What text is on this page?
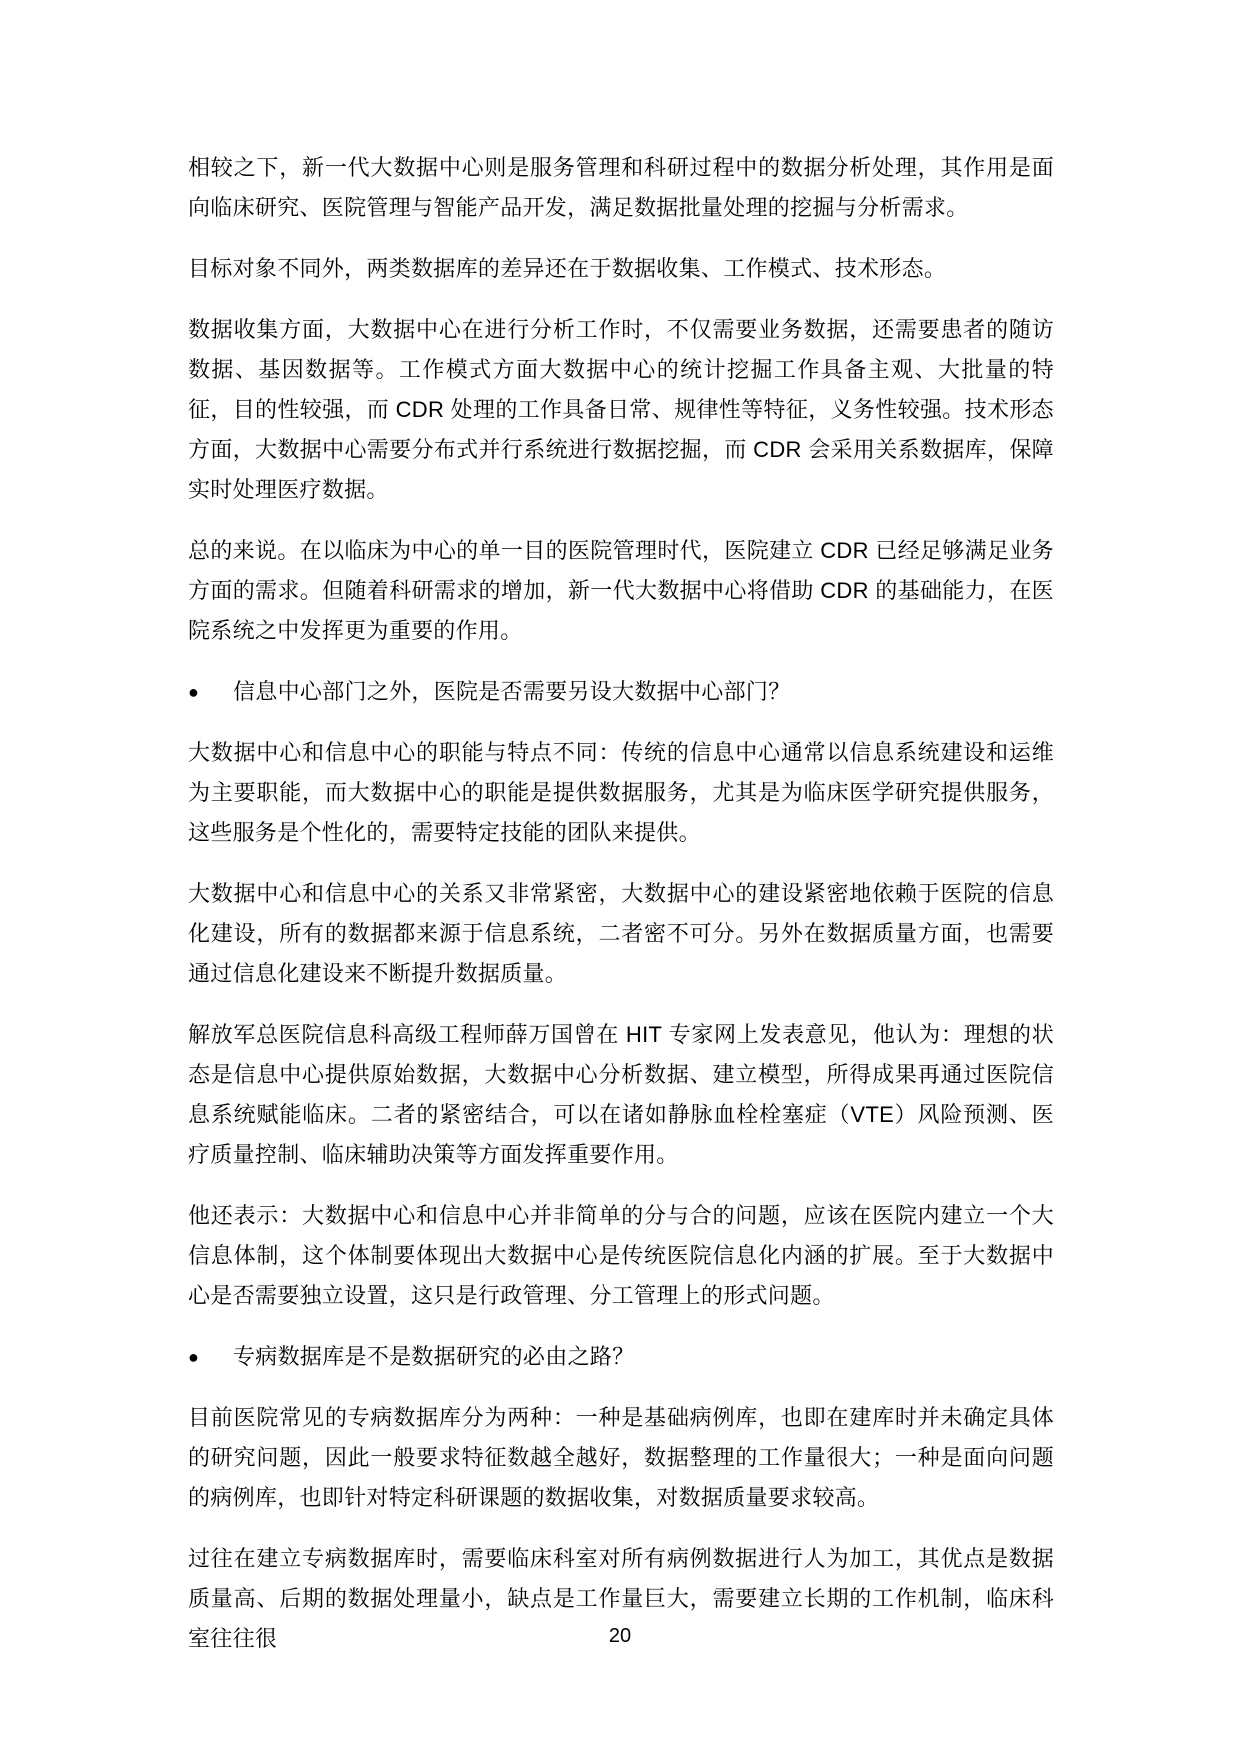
相较之下，新一代大数据中心则是服务管理和科研过程中的数据分析处理，其作用是面向临床研究、医院管理与智能产品开发，满足数据批量处理的挖掘与分析需求。

目标对象不同外，两类数据库的差异还在于数据收集、工作模式、技术形态。

数据收集方面，大数据中心在进行分析工作时，不仅需要业务数据，还需要患者的随访数据、基因数据等。工作模式方面大数据中心的统计挖掘工作具备主观、大批量的特征，目的性较强，而 CDR 处理的工作具备日常、规律性等特征，义务性较强。技术形态方面，大数据中心需要分布式并行系统进行数据挖掘，而 CDR 会采用关系数据库，保障实时处理医疗数据。

总的来说。在以临床为中心的单一目的医院管理时代，医院建立 CDR 已经足够满足业务方面的需求。但随着科研需求的增加，新一代大数据中心将借助 CDR 的基础能力，在医院系统之中发挥更为重要的作用。

●	信息中心部门之外，医院是否需要另设大数据中心部门？

大数据中心和信息中心的职能与特点不同：传统的信息中心通常以信息系统建设和运维为主要职能，而大数据中心的职能是提供数据服务，尤其是为临床医学研究提供服务，这些服务是个性化的，需要特定技能的团队来提供。

大数据中心和信息中心的关系又非常紧密，大数据中心的建设紧密地依赖于医院的信息化建设，所有的数据都来源于信息系统，二者密不可分。另外在数据质量方面，也需要通过信息化建设来不断提升数据质量。

解放军总医院信息科高级工程师薛万国曾在 HIT 专家网上发表意见，他认为：理想的状态是信息中心提供原始数据，大数据中心分析数据、建立模型，所得成果再通过医院信息系统赋能临床。二者的紧密结合，可以在诸如静脉血栓栓塞症（VTE）风险预测、医疗质量控制、临床辅助决策等方面发挥重要作用。

他还表示：大数据中心和信息中心并非简单的分与合的问题，应该在医院内建立一个大信息体制，这个体制要体现出大数据中心是传统医院信息化内涵的扩展。至于大数据中心是否需要独立设置，这只是行政管理、分工管理上的形式问题。

●	专病数据库是不是数据研究的必由之路？

目前医院常见的专病数据库分为两种：一种是基础病例库，也即在建库时并未确定具体的研究问题，因此一般要求特征数越全越好，数据整理的工作量很大；一种是面向问题的病例库，也即针对特定科研课题的数据收集，对数据质量要求较高。

过往在建立专病数据库时，需要临床科室对所有病例数据进行人为加工，其优点是数据质量高、后期的数据处理量小，缺点是工作量巨大，需要建立长期的工作机制，临床科室往往很	20
